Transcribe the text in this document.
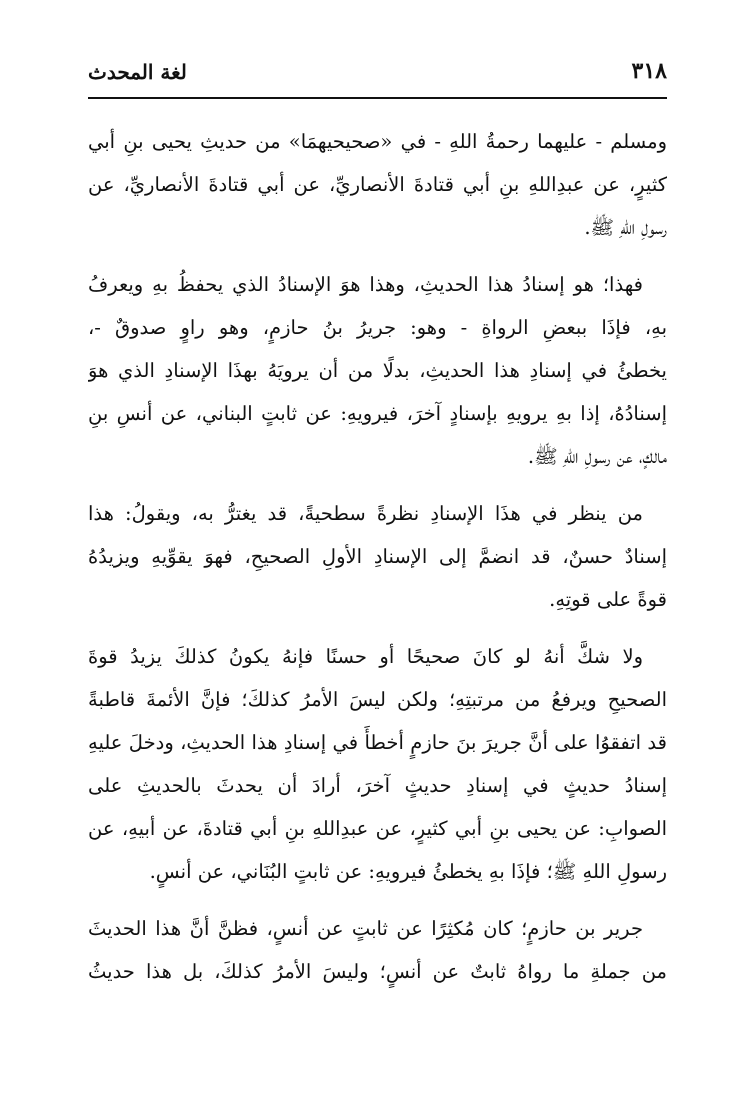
لغة المحدث	٣١٨
ومسلم - عليهما رحمةُ اللهِ - في «صحيحيهمَا» من حديثِ يحيى بنِ أبي
كثيرٍ، عن عبدِاللهِ بنِ أبي قتادةَ الأنصاريِّ، عن أبي قتادةَ الأنصاريِّ، عن
رسولِ اللهِ ﷺ.
فهذا؛ هو إسنادُ هذا الحديثِ، وهذا هوَ الإسنادُ الذي يحفظُ بهِ ويعرفُ
بهِ، فإذَا ببعضِ الرواةِ - وهو: جريرُ بنُ حازمٍ، وهو راوٍ صدوقٌ -،
يخطئُ في إسنادِ هذا الحديثِ، بدلًا من أن يرويَهُ بهذَا الإسنادِ الذي هوَ
إسنادُهُ، إذا بهِ يرويهِ بإسنادٍ آخرَ، فيرويهِ: عن ثابتٍ البناني، عن أنسِ بنِ
مالكٍ، عن رسولِ اللهِ ﷺ.
من ينظر في هذَا الإسنادِ نظرةً سطحيةً، قد يغترُّ به، ويقولُ: هذا
إسنادٌ حسنٌ، قد انضمَّ إلى الإسنادِ الأولِ الصحيحِ، فهوَ يقوِّيهِ ويزيدُهُ
قوةً على قوتِهِ.
ولا شكَّ أنهُ لو كانَ صحيحًا أو حسنًا فإنهُ يكونُ كذلكَ يزيدُ قوةَ
الصحيحِ ويرفعُ من مرتبتِهِ؛ ولكن ليسَ الأمرُ كذلكَ؛ فإنَّ الأئمةَ قاطبةً
قد اتفقوُا على أنَّ جريرَ بنَ حازمٍ أخطأَ في إسنادِ هذا الحديثِ، ودخلَ عليهِ
إسنادُ حديثٍ في إسنادِ حديثٍ آخرَ، أرادَ أن يحدثَ بالحديثِ على
الصوابِ: عن يحيى بنِ أبي كثيرٍ، عن عبدِاللهِ بنِ أبي قتادةَ، عن أبيهِ، عن
رسولِ اللهِ ﷺ؛ فإذَا بهِ يخطئُ فيرويهِ: عن ثابتٍ البُنَاني، عن أنسٍ.
جرير بن حازمٍ؛ كان مُكثِرًا عن ثابتٍ عن أنسٍ، فظنَّ أنَّ هذا الحديثَ
من جملةِ ما رواهُ ثابتٌ عن أنسٍ؛ وليسَ الأمرُ كذلكَ، بل هذا حديثُ
